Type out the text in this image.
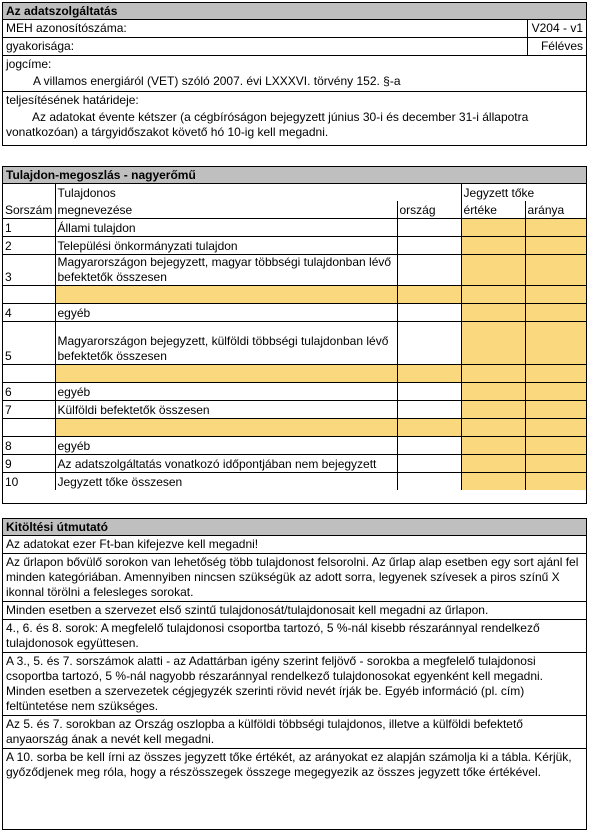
Az adatszolgáltatás
MEH azonosítószáma:	V204 - v1
gyakorisága:	Féléves
jogcíme:
A villamos energiáról (VET) szóló 2007. évi LXXXVI. törvény 152. §-a
teljesítésének határideje:
Az adatokat évente kétszer (a cégbíróságon bejegyzett június 30-i és december 31-i állapotra vonatkozóan) a tárgyidőszakot követő hó 10-ig kell megadni.
Tulajdon-megoszlás - nagyerőmű
	Tulajdonos		Jegyzett tőke	
Sorszám	megnevezése	ország	értéke	aránya
1	Állami tulajdon			
2	Települési önkormányzati tulajdon			
3	Magyarországon bejegyzett, magyar többségi tulajdonban lévő befektetők összesen			

4	egyéb			
5	Magyarországon bejegyzett, külföldi többségi tulajdonban lévő befektetők összesen			

6	egyéb			
7	Külföldi befektetők összesen			

8	egyéb			
9	Az adatszolgáltatás vonatkozó időpontjában nem bejegyzett			
10	Jegyzett tőke összesen			
Kitöltési útmutató
Az adatokat ezer Ft-ban kifejezve kell megadni!
Az űrlapon bővülő sorokon van lehetőség több tulajdonost felsorolni. Az űrlap alap esetben egy sort ajánl fel minden kategóriában. Amennyiben nincsen szükségük az adott sorra, legyenek szívesek a piros színű X ikonnal törölni a felesleges sorokat.
Minden esetben a szervezet első szintű tulajdonosát/tulajdonosait kell megadni az űrlapon.
4., 6. és 8. sorok: A megfelelő tulajdonosi csoportba tartozó, 5 %-nál kisebb részaránnyal rendelkező tulajdonosok együttesen.
A 3., 5. és 7. sorszámok alatti - az Adattárban igény szerint feljövő - sorokba a megfelelő tulajdonosi csoportba tartozó, 5 %-nál nagyobb részaránnyal rendelkező tulajdonosokat egyenként kell megadni. Minden esetben a szervezetek cégjegyzék szerinti rövid nevét írják be. Egyéb információ (pl. cím) feltüntetése nem szükséges.
Az 5. és 7. sorokban az Ország oszlopba a külföldi többségi tulajdonos, illetve a külföldi befektető anyaország ának a nevét kell megadni.
A 10. sorba be kell írni az összes jegyzett tőke értékét, az arányokat ez alapján számolja ki a tábla. Kérjük, győződjenek meg róla, hogy a részösszegek összege megegyezik az összes jegyzett tőke értékével.
